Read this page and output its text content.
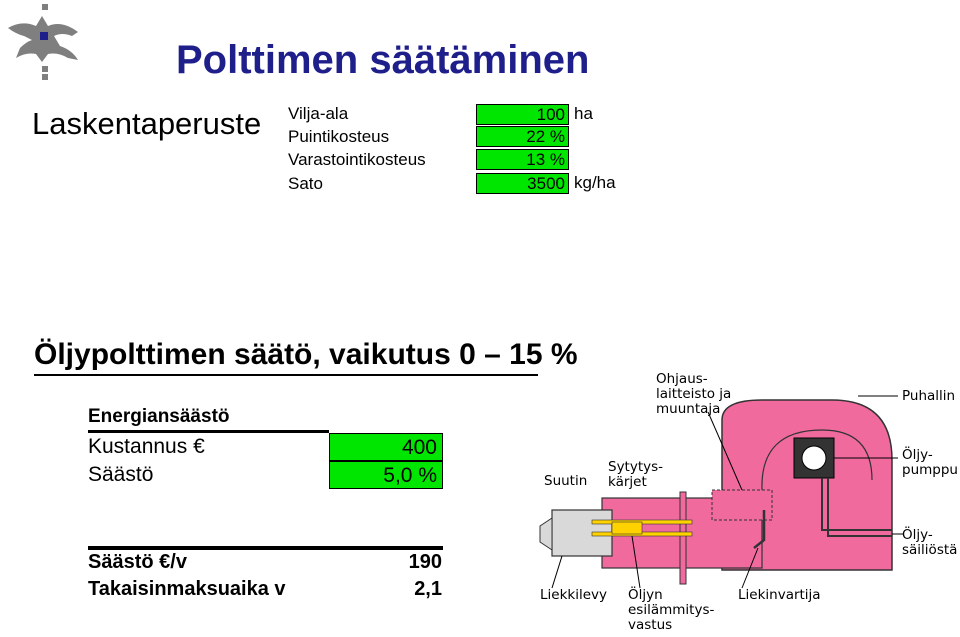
Polttimen säätäminen
Laskentaperuste Vilja-ala	100 ha
Puintikosteus	22 %
Varastointikosteus	13 %
Sato	3500 kg/ha
Öljypolttimen säätö, vaikutus 0 – 15 %
Energiansäästö
Kustannus €	400
Säästö	5,0 %
Säästö €/v	190
Takaisinmaksuaika v	2,1
Suutin
Sytytys-
kärjet
Ohjaus-
laitteisto ja
muuntaja
Puhallin
Öljy-
pumppu
Öljy-
säiliöstä
Liekkilevy Öljyn
esilämmitys-
vastus
Liekinvartija
